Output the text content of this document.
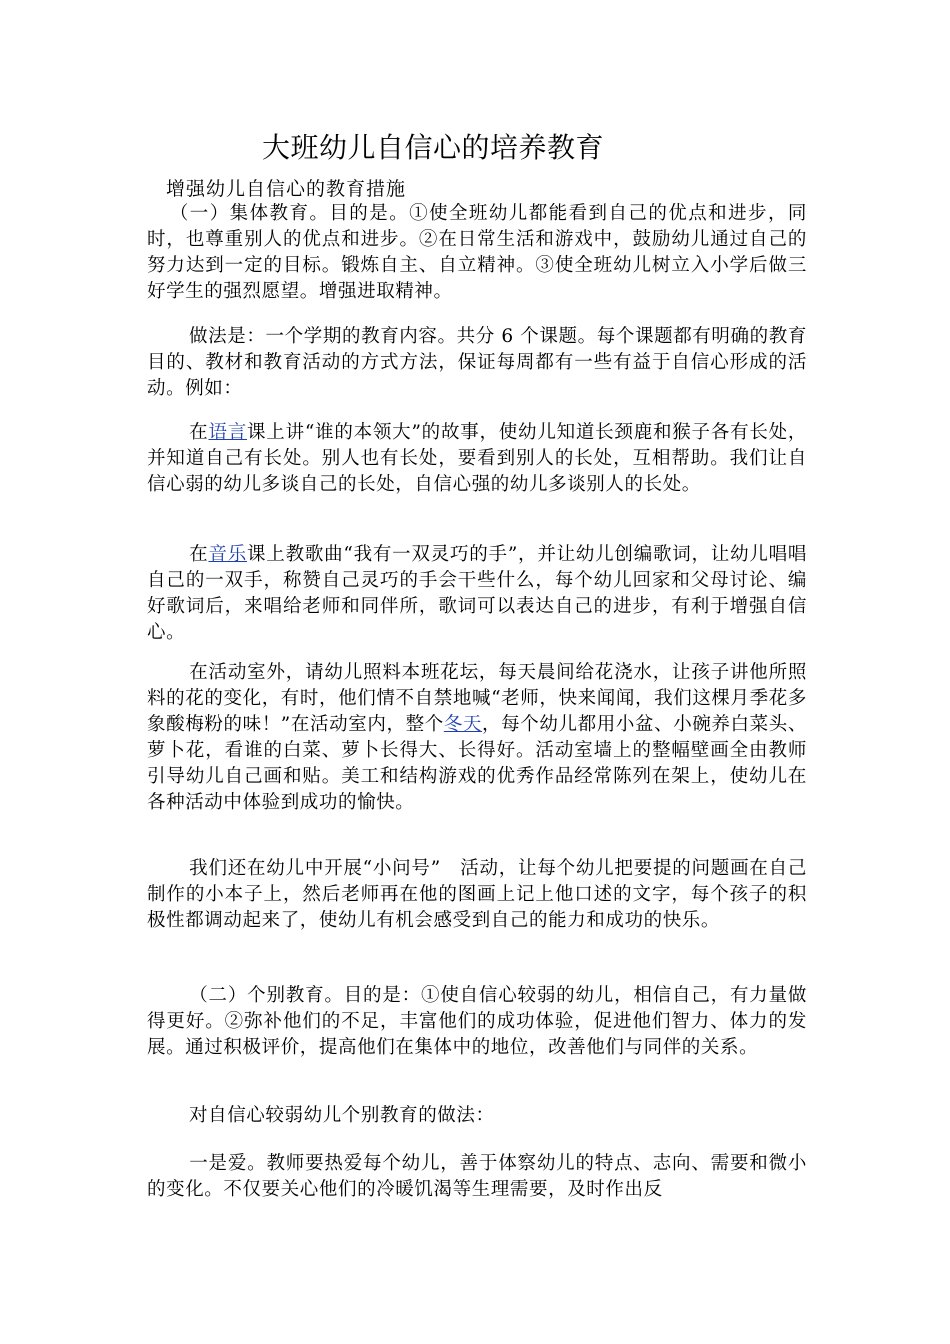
大班幼儿自信心的培养教育
增强幼儿自信心的教育措施
（一）集体教育。目的是。①使全班幼儿都能看到自己的优点和进步，同时，也尊重别人的优点和进步。②在日常生活和游戏中，鼓励幼儿通过自己的努力达到一定的目标。锻炼自主、自立精神。③使全班幼儿树立入小学后做三好学生的强烈愿望。增强进取精神。
做法是：一个学期的教育内容。共分 6 个课题。每个课题都有明确的教育目的、教材和教育活动的方式方法，保证每周都有一些有益于自信心形成的活动。例如：
在语言课上讲“谁的本领大”的故事，使幼儿知道长颈鹿和猴子各有长处，并知道自己有长处。别人也有长处，要看到别人的长处，互相帮助。我们让自信心弱的幼儿多谈自己的长处，自信心强的幼儿多谈别人的长处。
在音乐课上教歌曲“我有一双灵巧的手”，并让幼儿创编歌词，让幼儿唱唱自己的一双手，称赞自己灵巧的手会干些什么，每个幼儿回家和父母讨论、编好歌词后，来唱给老师和同伴所，歌词可以表达自己的进步，有利于增强自信心。
在活动室外，请幼儿照料本班花坛，每天晨间给花浇水，让孩子讲他所照料的花的变化，有时，他们情不自禁地喊“老师，快来闻闻，我们这棵月季花多象酸梅粉的味！”在活动室内，整个冬天，每个幼儿都用小盆、小碗养白菜头、萝卜花，看谁的白菜、萝卜长得大、长得好。活动室墙上的整幅壁画全由教师引导幼儿自己画和贴。美工和结构游戏的优秀作品经常陈列在架上，使幼儿在各种活动中体验到成功的愉快。
我们还在幼儿中开展“小问号”　活动，让每个幼儿把要提的问题画在自己制作的小本子上，然后老师再在他的图画上记上他口述的文字，每个孩子的积极性都调动起来了，使幼儿有机会感受到自己的能力和成功的快乐。
（二）个别教育。目的是：①使自信心较弱的幼儿，相信自己，有力量做得更好。②弥补他们的不足，丰富他们的成功体验，促进他们智力、体力的发展。通过积极评价，提高他们在集体中的地位，改善他们与同伴的关系。
对自信心较弱幼儿个别教育的做法：
一是爱。教师要热爱每个幼儿，善于体察幼儿的特点、志向、需要和微小的变化。不仅要关心他们的冷暖饥渴等生理需要，及时作出反
